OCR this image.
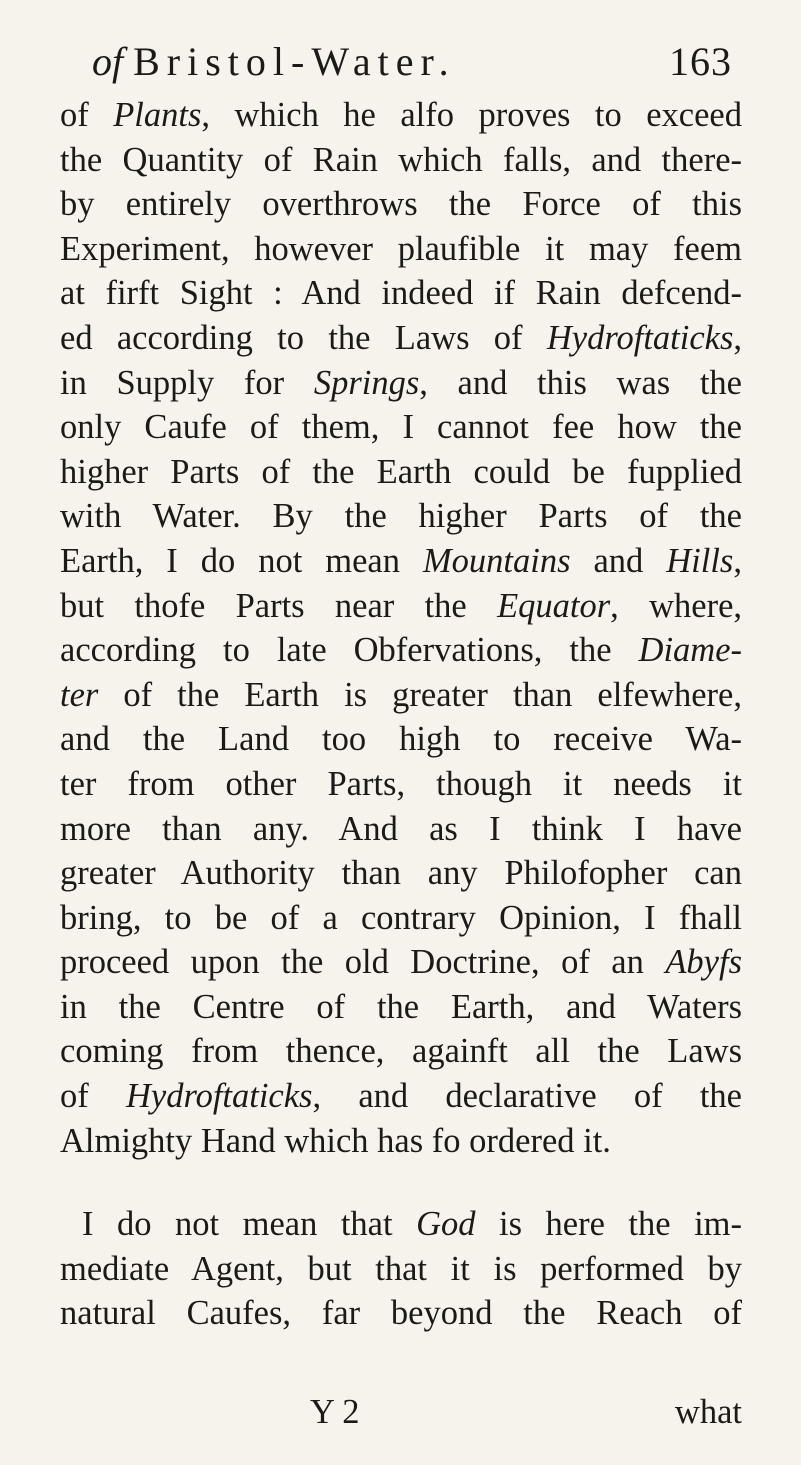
of Bristol-Water.	163
of Plants, which he alfo proves to exceed
the Quantity of Rain which falls, and there-
by entirely overthrows the Force of this
Experiment, however plaufible it may feem
at firft Sight : And indeed if Rain defcend-
ed according to the Laws of Hydroftaticks,
in Supply for Springs, and this was the
only Caufe of them, I cannot fee how the
higher Parts of the Earth could be fupplied
with Water. By the higher Parts of the
Earth, I do not mean Mountains and Hills,
but thofe Parts near the Equator, where,
according to late Obfervations, the Diame-
ter of the Earth is greater than elfewhere,
and the Land too high to receive Wa-
ter from other Parts, though it needs it
more than any. And as I think I have
greater Authority than any Philofopher can
bring, to be of a contrary Opinion, I fhall
proceed upon the old Doctrine, of an Abyfs
in the Centre of the Earth, and Waters
coming from thence, againft all the Laws
of Hydroftaticks, and declarative of the
Almighty Hand which has fo ordered it.
I do not mean that God is here the im-
mediate Agent, but that it is performed by
natural Caufes, far beyond the Reach of
Y 2	what
